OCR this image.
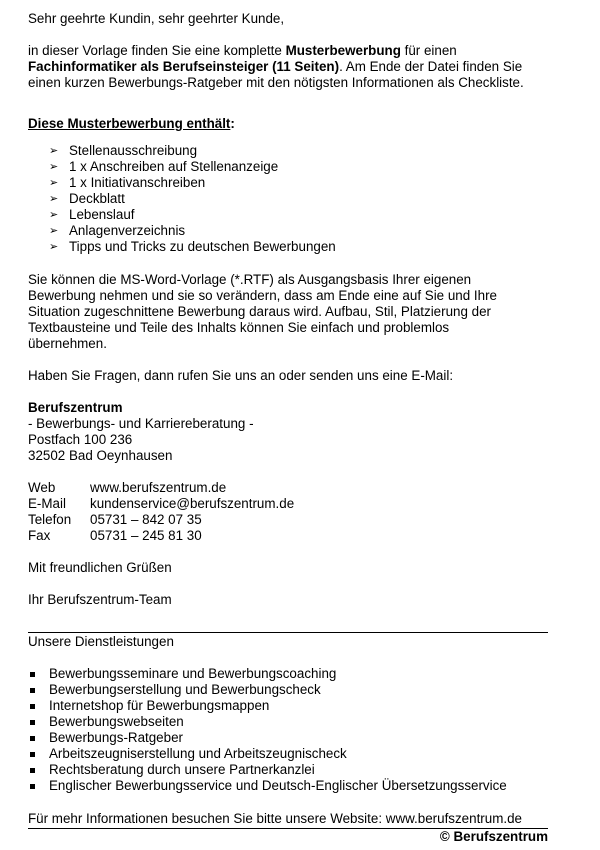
Sehr geehrte Kundin, sehr geehrter Kunde,

in dieser Vorlage finden Sie eine komplette Musterbewerbung für einen
Fachinformatiker als Berufseinsteiger (11 Seiten). Am Ende der Datei finden Sie
einen kurzen Bewerbungs-Ratgeber mit den nötigsten Informationen als Checkliste.

Diese Musterbewerbung enthält:

➢ Stellenausschreibung
➢ 1 x Anschreiben auf Stellenanzeige
➢ 1 x Initiativanschreiben
➢ Deckblatt
➢ Lebenslauf
➢ Anlagenverzeichnis
➢ Tipps und Tricks zu deutschen Bewerbungen

Sie können die MS-Word-Vorlage (*.RTF) als Ausgangsbasis Ihrer eigenen
Bewerbung nehmen und sie so verändern, dass am Ende eine auf Sie und Ihre
Situation zugeschnittene Bewerbung daraus wird. Aufbau, Stil, Platzierung der
Textbausteine und Teile des Inhalts können Sie einfach und problemlos
übernehmen.

Haben Sie Fragen, dann rufen Sie uns an oder senden uns eine E-Mail:

Berufszentrum
- Bewerbungs- und Karriereberatung -
Postfach 100 236
32502 Bad Oeynhausen

Web	www.berufszentrum.de
E-Mail	kundenservice@berufszentrum.de
Telefon	05731 – 842 07 35
Fax	05731 – 245 81 30

Mit freundlichen Grüßen

Ihr Berufszentrum-Team

Unsere Dienstleistungen

Bewerbungsseminare und Bewerbungscoaching
Bewerbungserstellung und Bewerbungscheck
Internetshop für Bewerbungsmappen
Bewerbungswebseiten
Bewerbungs-Ratgeber
Arbeitszeugniserstellung und Arbeitszeugnischeck
Rechtsberatung durch unsere Partnerkanzlei
Englischer Bewerbungsservice und Deutsch-Englischer Übersetzungsservice
Für mehr Informationen besuchen Sie bitte unsere Website: www.berufszentrum.de
© Berufszentrum
